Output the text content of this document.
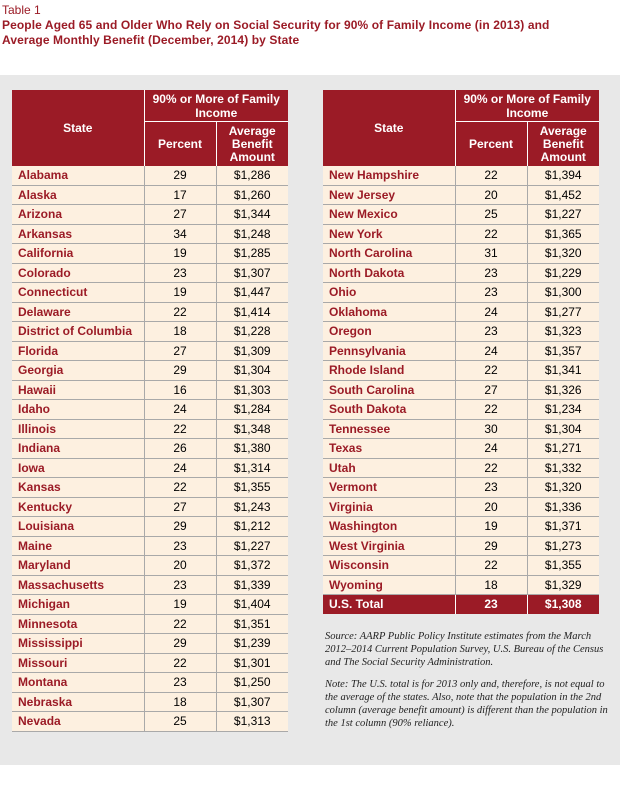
Table 1
People Aged 65 and Older Who Rely on Social Security for 90% of Family Income (in 2013) and
Average Monthly Benefit (December, 2014) by State
State	90% or More of Family Income	
	Percent	Average Benefit Amount
Alabama	29	$1,286
Alaska	17	$1,260
Arizona	27	$1,344
Arkansas	34	$1,248
California	19	$1,285
Colorado	23	$1,307
Connecticut	19	$1,447
Delaware	22	$1,414
District of Columbia	18	$1,228
Florida	27	$1,309
Georgia	29	$1,304
Hawaii	16	$1,303
Idaho	24	$1,284
Illinois	22	$1,348
Indiana	26	$1,380
Iowa	24	$1,314
Kansas	22	$1,355
Kentucky	27	$1,243
Louisiana	29	$1,212
Maine	23	$1,227
Maryland	20	$1,372
Massachusetts	23	$1,339
Michigan	19	$1,404
Minnesota	22	$1,351
Mississippi	29	$1,239
Missouri	22	$1,301
Montana	23	$1,250
Nebraska	18	$1,307
Nevada	25	$1,313
State	90% or More of Family Income	
	Percent	Average Benefit Amount
New Hampshire	22	$1,394
New Jersey	20	$1,452
New Mexico	25	$1,227
New York	22	$1,365
North Carolina	31	$1,320
North Dakota	23	$1,229
Ohio	23	$1,300
Oklahoma	24	$1,277
Oregon	23	$1,323
Pennsylvania	24	$1,357
Rhode Island	22	$1,341
South Carolina	27	$1,326
South Dakota	22	$1,234
Tennessee	30	$1,304
Texas	24	$1,271
Utah	22	$1,332
Vermont	23	$1,320
Virginia	20	$1,336
Washington	19	$1,371
West Virginia	29	$1,273
Wisconsin	22	$1,355
Wyoming	18	$1,329
U.S. Total	23	$1,308

Source: AARP Public Policy Institute estimates from the March 2012–2014 Current Population Survey, U.S. Bureau of the Census and The Social Security Administration.

Note: The U.S. total is for 2013 only and, therefore, is not equal to the average of the states. Also, note that the population in the 2nd column (average benefit amount) is different than the population in the 1st column (90% reliance).
